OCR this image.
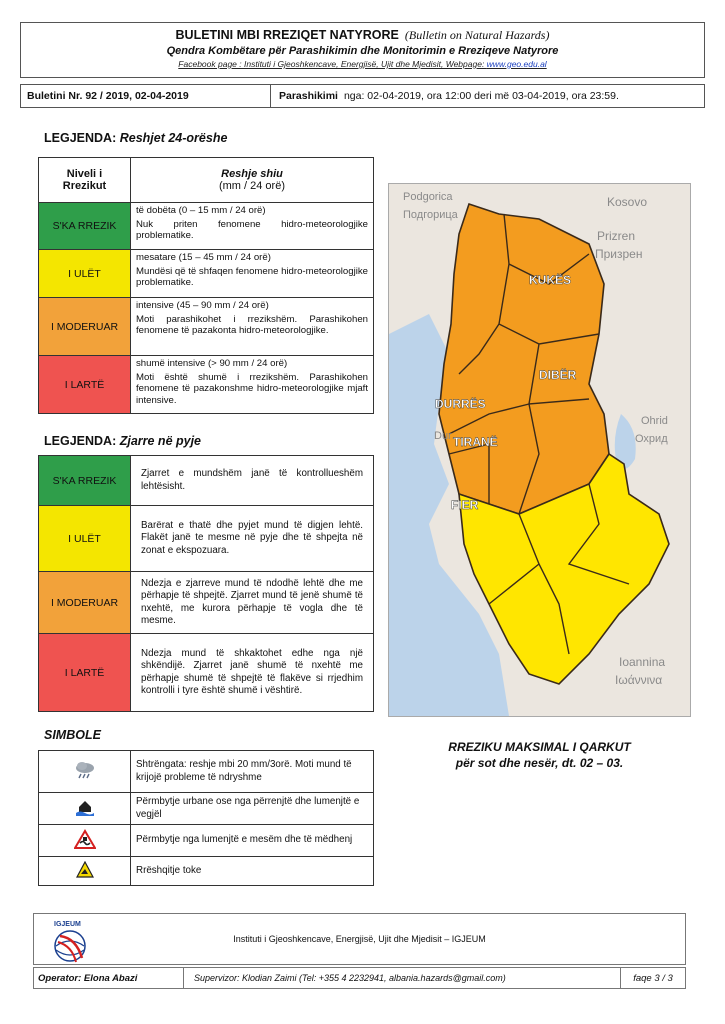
BULETINI MBI RREZIQET NATYRORE (Bulletin on Natural Hazards)
Qendra Kombëtare për Parashikimin dhe Monitorimin e Rreziqeve Natyrore
Facebook page : Instituti i Gjeoshkencave, Energjisë, Ujit dhe Mjedisit, Webpage: www.geo.edu.al
Buletini Nr. 92 / 2019, 02-04-2019	Parashikimi nga: 02-04-2019, ora 12:00 deri më 03-04-2019, ora 23:59.
LEGJENDA: Reshjet 24-orëshe
Niveli i Rrezikut	Reshje shiu
(mm / 24 orë)

S'KA RREZIK	të dobëta (0 – 15 mm / 24 orë)
Nuk priten fenomene hidro-meteorologjike problematike.

I ULËT	mesatare (15 – 45 mm / 24 orë)
Mundësi që të shfaqen fenomene hidro-meteorologjike problematike.

I MODERUAR	intensive (45 – 90 mm / 24 orë)
Moti parashikohet i rrezikshëm. Parashikohen fenomene të pazakonta hidro-meteorologjike.

I LARTË	shumë intensive (> 90 mm / 24 orë)
Moti është shumë i rrezikshëm. Parashikohen fenomene të pazakonshme hidro-meteorologjike mjaft intensive.
LEGJENDA: Zjarre në pyje
S'KA RREZIK	Zjarret e mundshëm janë të kontrollueshëm lehtësisht.
I ULËT	Barërat e thatë dhe pyjet mund të digjen lehtë. Flakët janë te mesme në pyje dhe të shpejta në zonat e ekspozuara.
I MODERUAR	Ndezja e zjarreve mund të ndodhë lehtë dhe me përhapje të shpejtë. Zjarret mund të jenë shumë të nxehtë, me kurora përhapje të vogla dhe të mesme.
I LARTË	Ndezja mund të shkaktohet edhe nga një shkëndijë. Zjarret janë shumë të nxehtë me përhapje shumë të shpejtë të flakëve si rrjedhim kontrolli i tyre është shumë i vështirë.
SIMBOLE
	Shtrëngata: reshje mbi 20 mm/3orë. Moti mund të krijojë probleme të ndryshme
	Përmbytje urbane ose nga përrenjtë dhe lumenjtë e vegjël
	Përmbytje nga lumenjtë e mesëm dhe të mëdhenj
	Rrëshqitje toke
Podgorica
Подгорица
Kosovo
Prizren
Призрен
KUKËS
DIBËR
DURRËS
Dur TIRANË
FIER
Ohrid
Охрид
Ioannina
Ιωάννινα
RREZIKU MAKSIMAL I QARKUT
për sot dhe nesër, dt. 02 – 03.
IGJEUM
Instituti i Gjeoshkencave, Energjisë, Ujit dhe Mjedisit – IGJEUM
Operator: Elona Abazi	Supervizor: Klodian Zaimi (Tel: +355 4 2232941, albania.hazards@gmail.com)	faqe 3 / 3
